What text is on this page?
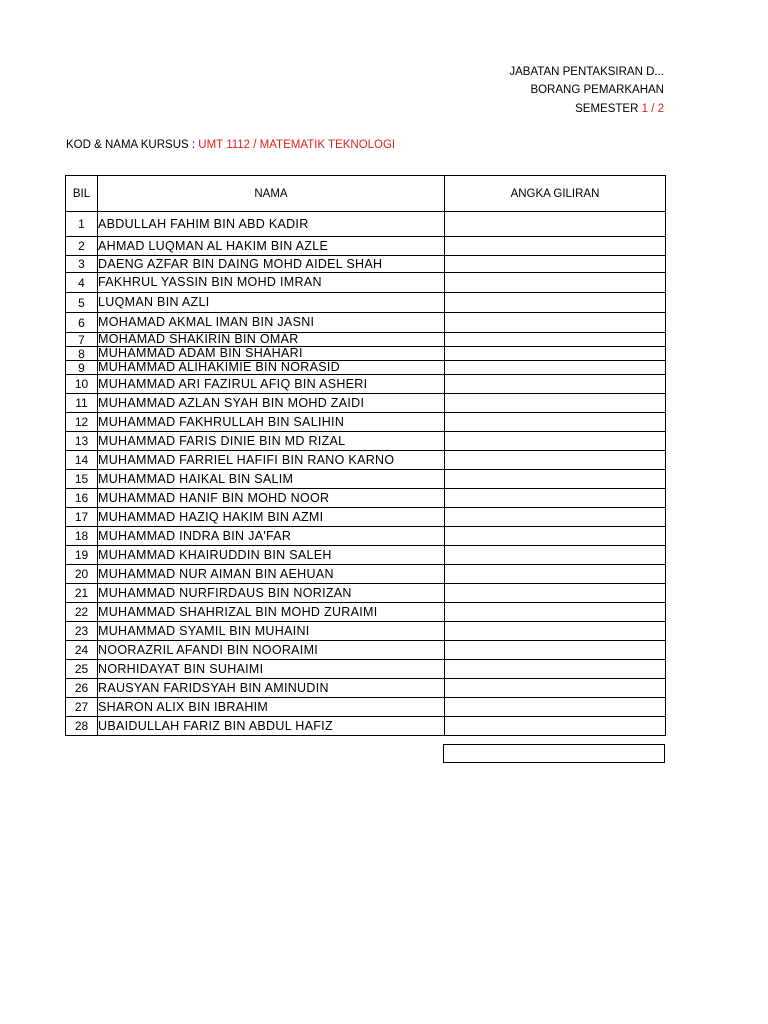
JABATAN PENTAKSIRAN D...
BORANG PEMARKAHAN
SEMESTER 1 / 2
KOD & NAMA KURSUS : UMT 1112 / MATEMATIK TEKNOLOGI
BIL	NAMA	ANGKA GILIRAN
1	ABDULLAH FAHIM BIN ABD KADIR	
2	AHMAD LUQMAN AL HAKIM BIN AZLE	
3	DAENG AZFAR BIN DAING MOHD AIDEL SHAH	
4	FAKHRUL YASSIN BIN MOHD IMRAN	
5	LUQMAN BIN AZLI	
6	MOHAMAD AKMAL IMAN BIN JASNI	
7	MOHAMAD SHAKIRIN BIN OMAR	
8	MUHAMMAD ADAM BIN SHAHARI	
9	MUHAMMAD ALIHAKIMIE BIN NORASID	
10	MUHAMMAD ARI FAZIRUL AFIQ BIN ASHERI	
11	MUHAMMAD AZLAN SYAH BIN MOHD ZAIDI	
12	MUHAMMAD FAKHRULLAH BIN SALIHIN	
13	MUHAMMAD FARIS DINIE BIN MD RIZAL	
14	MUHAMMAD FARRIEL HAFIFI BIN RANO KARNO	
15	MUHAMMAD HAIKAL BIN SALIM	
16	MUHAMMAD HANIF BIN MOHD NOOR	
17	MUHAMMAD HAZIQ HAKIM BIN AZMI	
18	MUHAMMAD INDRA BIN JA'FAR	
19	MUHAMMAD KHAIRUDDIN BIN SALEH	
20	MUHAMMAD NUR AIMAN BIN AEHUAN	
21	MUHAMMAD NURFIRDAUS BIN NORIZAN	
22	MUHAMMAD SHAHRIZAL BIN MOHD ZURAIMI	
23	MUHAMMAD SYAMIL BIN MUHAINI	
24	NOORAZRIL AFANDI BIN NOORAIMI	
25	NORHIDAYAT BIN SUHAIMI	
26	RAUSYAN FARIDSYAH BIN AMINUDIN	
27	SHARON ALIX BIN IBRAHIM	
28	UBAIDULLAH FARIZ BIN ABDUL HAFIZ	
